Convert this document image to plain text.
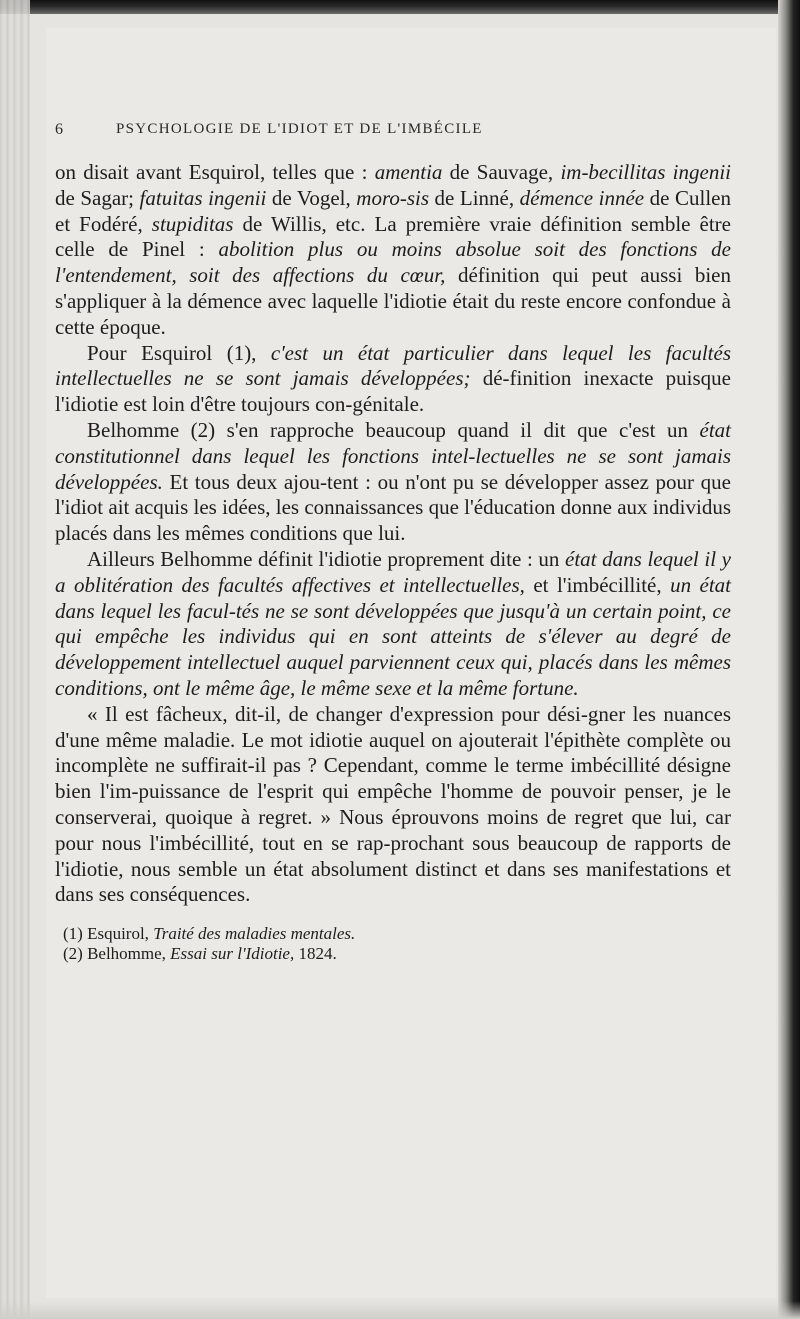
6	PSYCHOLOGIE DE L'IDIOT ET DE L'IMBÉCILE

on disait avant Esquirol, telles que : amentia de Sauvage, im-becillitas ingenii de Sagar; fatuitas ingenii de Vogel, moro-sis de Linné, démence innée de Cullen et Fodéré, stupiditas de Willis, etc. La première vraie définition semble être celle de Pinel : abolition plus ou moins absolue soit des fonctions de l'entendement, soit des affections du cœur, définition qui peut aussi bien s'appliquer à la démence avec laquelle l'idiotie était du reste encore confondue à cette époque.

Pour Esquirol (1), c'est un état particulier dans lequel les facultés intellectuelles ne se sont jamais développées; dé-finition inexacte puisque l'idiotie est loin d'être toujours con-génitale.

Belhomme (2) s'en rapproche beaucoup quand il dit que c'est un état constitutionnel dans lequel les fonctions intel-lectuelles ne se sont jamais développées. Et tous deux ajou-tent : ou n'ont pu se développer assez pour que l'idiot ait acquis les idées, les connaissances que l'éducation donne aux individus placés dans les mêmes conditions que lui.

Ailleurs Belhomme définit l'idiotie proprement dite : un état dans lequel il y a oblitération des facultés affectives et intellectuelles, et l'imbécillité, un état dans lequel les facul-tés ne se sont développées que jusqu'à un certain point, ce qui empêche les individus qui en sont atteints de s'élever au degré de développement intellectuel auquel parviennent ceux qui, placés dans les mêmes conditions, ont le même âge, le même sexe et la même fortune.

« Il est fâcheux, dit-il, de changer d'expression pour dési-gner les nuances d'une même maladie. Le mot idiotie auquel on ajouterait l'épithète complète ou incomplète ne suffirait-il pas ? Cependant, comme le terme imbécillité désigne bien l'im-puissance de l'esprit qui empêche l'homme de pouvoir penser, je le conserverai, quoique à regret. » Nous éprouvons moins de regret que lui, car pour nous l'imbécillité, tout en se rap-prochant sous beaucoup de rapports de l'idiotie, nous semble un état absolument distinct et dans ses manifestations et dans ses conséquences.

(1) Esquirol, Traité des maladies mentales.

(2) Belhomme, Essai sur l'Idiotie, 1824.
